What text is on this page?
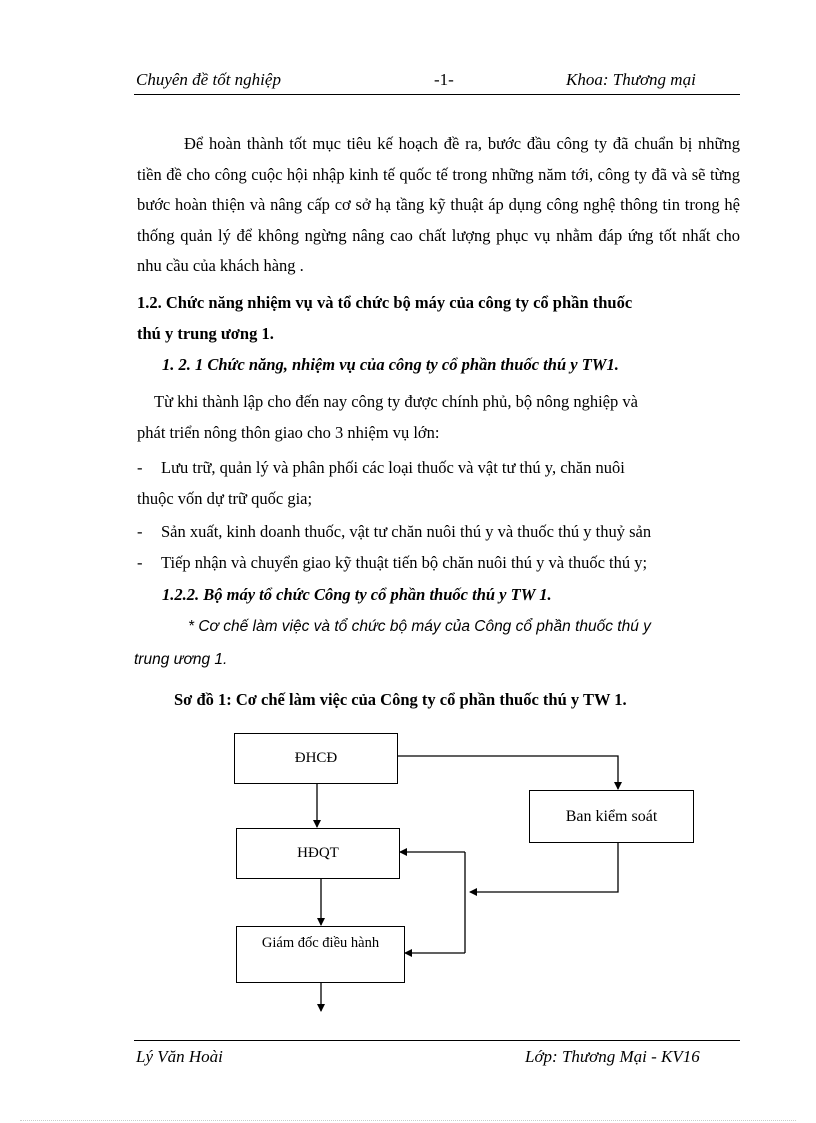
Chuyên đề tốt nghiệp	-1-	Khoa: Thương mại
Để hoàn thành tốt mục tiêu kế hoạch đề ra, bước đầu công ty đã chuẩn bị những tiền đề cho công cuộc hội nhập kinh tế quốc tế trong những năm tới, công ty đã và sẽ từng bước hoàn thiện và nâng cấp cơ sở hạ tầng kỹ thuật áp dụng công nghệ thông tin trong hệ thống quản lý để không ngừng nâng cao chất lượng phục vụ nhằm đáp ứng tốt nhất cho nhu cầu của khách hàng .
1.2. Chức năng nhiệm vụ và tổ chức bộ máy của công ty cổ phần thuốc
thú y trung ương 1.
1. 2. 1 Chức năng, nhiệm vụ của công ty cổ phần thuốc thú y TW1.
Từ khi thành lập cho đến nay công ty được chính phủ, bộ nông nghiệp và
phát triển nông thôn giao cho 3 nhiệm vụ lớn:
- Lưu trữ, quản lý và phân phối các loại thuốc và vật tư thú y, chăn nuôi
thuộc vốn dự trữ quốc gia;
- Sản xuất, kinh doanh thuốc, vật tư chăn nuôi thú y và thuốc thú y thuỷ sản
- Tiếp nhận và chuyển giao kỹ thuật tiến bộ chăn nuôi thú y và thuốc thú y;
1.2.2. Bộ máy tổ chức Công ty cổ phần thuốc thú y TW 1.
* Cơ chế làm việc và tổ chức bộ máy của Công cổ phần thuốc thú y
trung ương 1.
Sơ đồ 1: Cơ chế làm việc của Công ty cổ phần thuốc thú y TW 1.
ĐHCĐ
Ban kiểm soát
HĐQT
Giám đốc điều hành
Lý Văn Hoài	Lớp: Thương Mại - KV16
